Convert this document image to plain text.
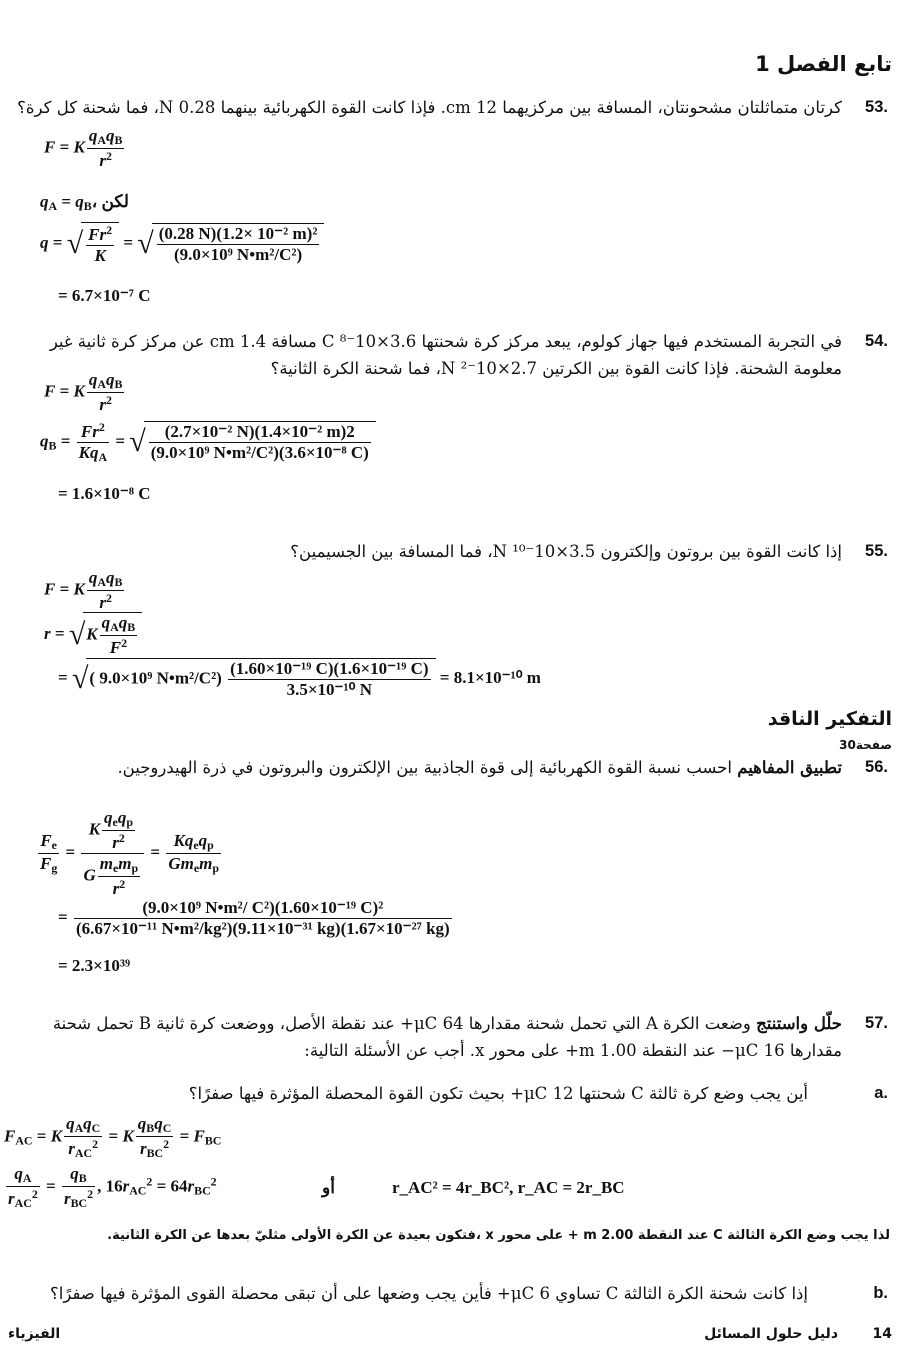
تابع الفصل 1
.53
كرتان متماثلتان مشحونتان، المسافة بين مركزيهما 12 cm. فإذا كانت القوة الكهربائية بينهما 0.28 N، فما شحنة كل كرة؟
F = K $\frac{q_Aq_B}{r^2}$
$q_A$ = $q_B،$ لكن
q = √ $\frac{Fr^2}{K}$ = √ $\frac{\text{(0.28 N)(1.2× 10⁻² m)²}}{\text{(9.0×10⁹ N•m²/C²)}}$
= 6.7×10⁻⁷ C
.54
في التجربة المستخدم فيها جهاز كولوم، يبعد مركز كرة شحنتها 3.6×10⁻⁸ C مسافة 1.4 cm عن مركز كرة ثانية غير معلومة الشحنة. فإذا كانت القوة بين الكرتين 2.7×10⁻² N، فما شحنة الكرة الثانية؟
F = K $\frac{q_Aq_B}{r^2}$
$q_B = \frac{Fr^2}{Kq_A}$ = √ $\frac{\text{(2.7×10⁻² N)(1.4×10⁻² m)2}}{\text{(9.0×10⁹ N•m²/C²)(3.6×10⁻⁸ C)}}$
= 1.6×10⁻⁸ C
.55
إذا كانت القوة بين بروتون وإلكترون 3.5×10⁻¹⁰ N، فما المسافة بين الجسيمين؟
F = K $\frac{q_Aq_B}{r^2}$
$r = √K \frac{q_Aq_B}{F^2}$
= √( 9.0×10⁹ N•m²/C²) $\frac{\text{(1.60×10⁻¹⁹ C)(1.6×10⁻¹⁹ C)}}{\text{3.5×10⁻¹⁰ N}} = 8.1\times 10^{-10}$ m
التفكير الناقد
صفحة30
.56
تطبيق المفاهيم احسب نسبة القوة الكهربائية إلى قوة الجاذبية بين الإلكترون والبروتون في ذرة الهيدروجين.
$\frac{F_e}{F_g} = \frac{K \frac{q_eq_p}{r^2}}{G \frac{m_em_p}{r^2}} = \frac{Kq_eq_p}{Gm_em_p}$
= $\frac{\text{(9.0×10⁹ N•m²/ C²)(1.60×10⁻¹⁹ C)²}}{\text{(6.67×10⁻¹¹ N•m²/kg²)(9.11×10⁻³¹ kg)(1.67×10⁻²⁷ kg)}}$
= 2.3×10³⁹
.57
حلّل واستنتج وضعت الكرة A التي تحمل شحنة مقدارها 64 μC+ عند نقطة الأصل، ووضعت كرة ثانية B تحمل شحنة مقدارها 16 μC− عند النقطة 1.00 m+ على محور x. أجب عن الأسئلة التالية:
.a
أين يجب وضع كرة ثالثة C شحنتها 12 μC+ بحيث تكون القوة المحصلة المؤثرة فيها صفرًا؟
$F_{AC} = K \frac{q_Aq_C}{r_{AC}^2} = K \frac{q_Bq_C}{r_{BC}^2} = F_{BC}$
$\frac{q_A}{r_{AC}^2} = \frac{q_B}{r_{BC}^2}$ , $16r_{AC}^2 = 64r_{BC}^2$	أو	r_AC² = 4r_BC², r_AC = 2r_BC
لذا يجب وضع الكرة الثالثة C عند النقطة 2.00 m + على محور x ،فتكون بعيدة عن الكرة الأولى مثليّ بعدها عن الكرة الثانية.
.b
إذا كانت شحنة الكرة الثالثة C تساوي 6 μC+ فأين يجب وضعها على أن تبقى محصلة القوى المؤثرة فيها صفرًا؟
14
دليل حلول المسائل
الفيزياء
